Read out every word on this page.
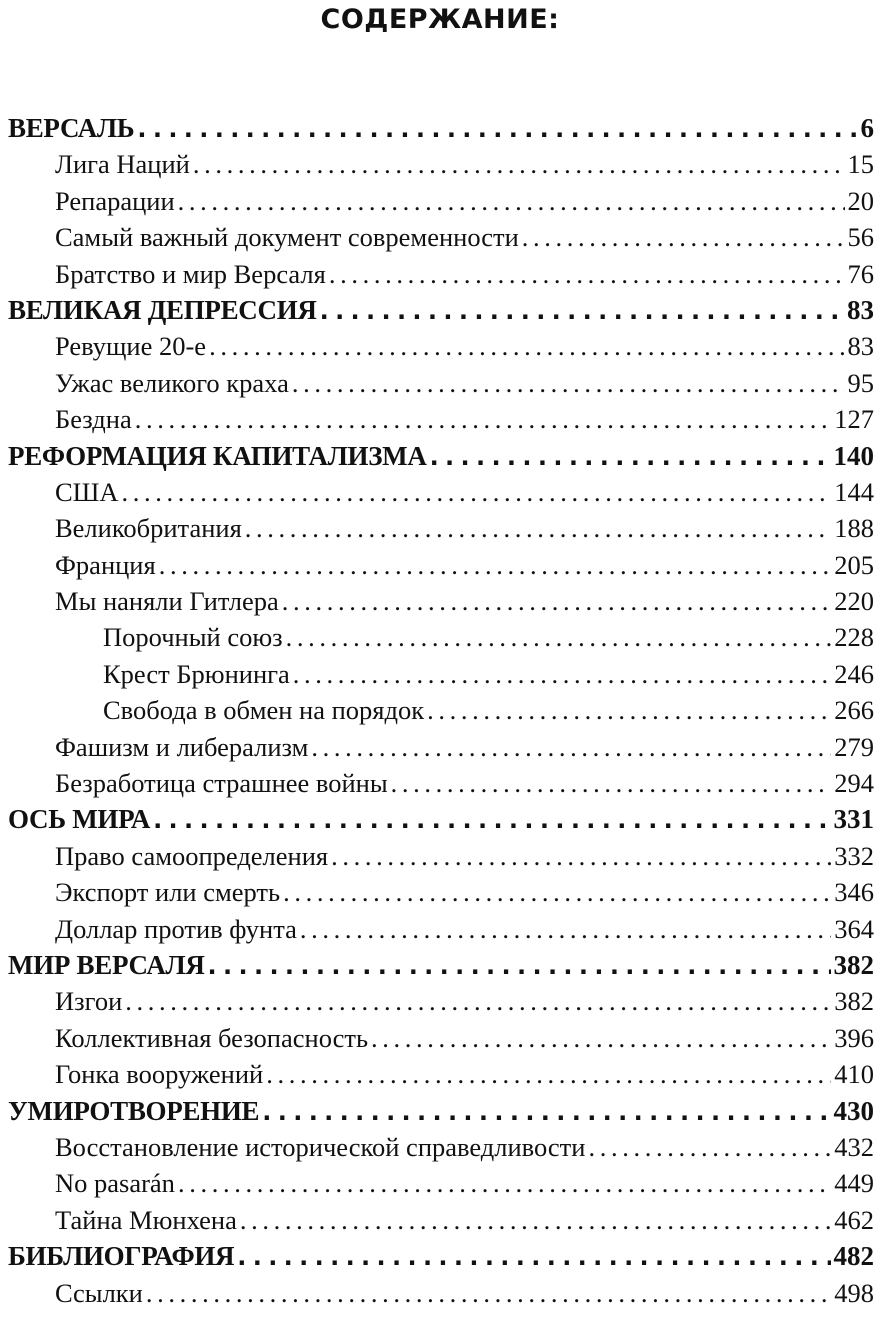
СОДЕРЖАНИЕ:
ВЕРСАЛЬ . . .	6
Лига Наций . . .	15
Репарации . . .	20
Самый важный документ современности . . .	56
Братство и мир Версаля . . .	76
ВЕЛИКАЯ ДЕПРЕССИЯ . . .	83
Ревущие 20-е . . .	83
Ужас великого краха . . .	95
Бездна . . .	127
РЕФОРМАЦИЯ КАПИТАЛИЗМА . . .	140
США . . .	144
Великобритания . . .	188
Франция . . .	205
Мы наняли Гитлера . . .	220
Порочный союз . . .	228
Крест Брюнинга . . .	246
Свобода в обмен на порядок . . .	266
Фашизм и либерализм . . .	279
Безработица страшнее войны . . .	294
ОСЬ МИРА . . .	331
Право самоопределения . . .	332
Экспорт или смерть . . .	346
Доллар против фунта . . .	364
МИР ВЕРСАЛЯ . . .	382
Изгои . . .	382
Коллективная безопасность . . .	396
Гонка вооружений . . .	410
УМИРОТВОРЕНИЕ . . .	430
Восстановление исторической справедливости . . .	432
No pasarán . . .	449
Тайна Мюнхена . . .	462
БИБЛИОГРАФИЯ . . .	482
Ссылки . . .	498
